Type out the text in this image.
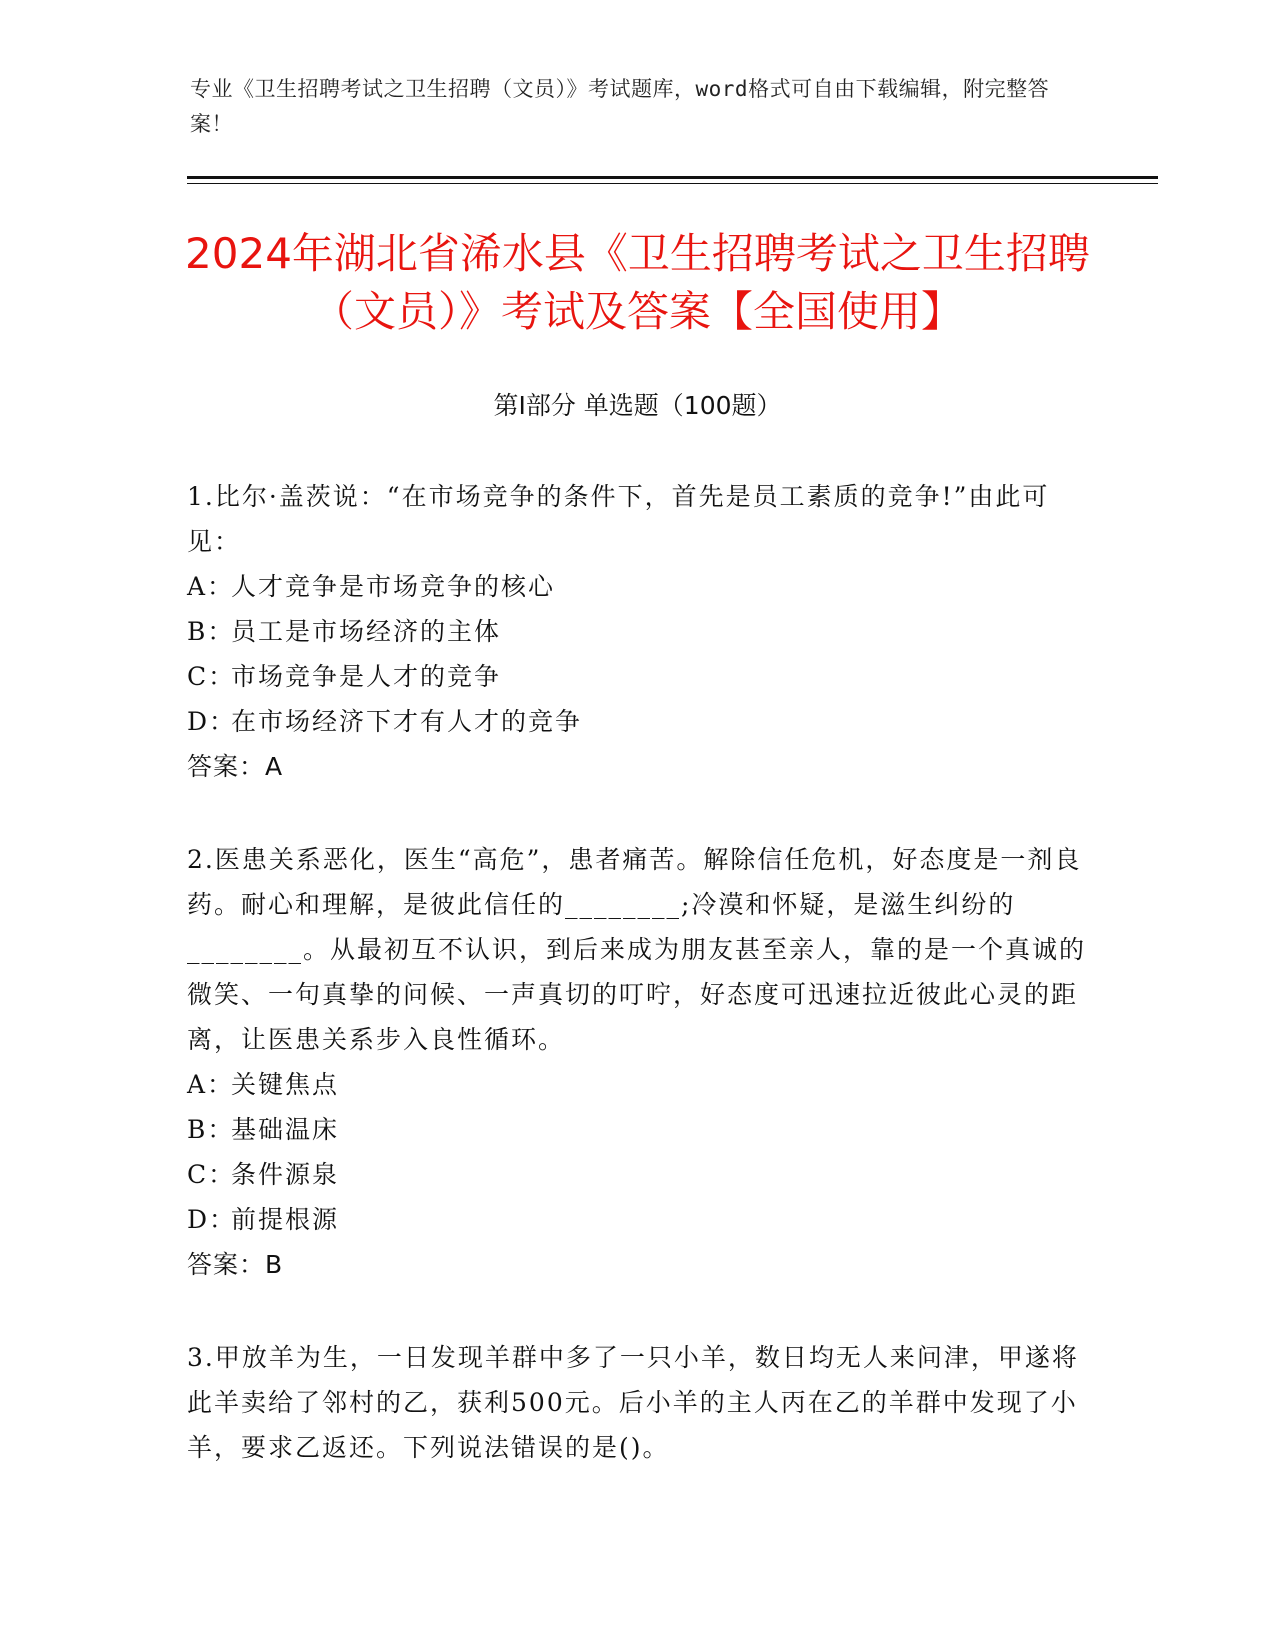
专业《卫生招聘考试之卫生招聘（文员）》考试题库，word格式可自由下载编辑，附完整答案！
2024年湖北省浠水县《卫生招聘考试之卫生招聘（文员）》考试及答案【全国使用】
第Ⅰ部分 单选题（100题）
1.比尔·盖茨说：“在市场竞争的条件下，首先是员工素质的竞争!”由此可见：
A：
人才竞争是市场竞争的核心
B：
员工是市场经济的主体
C：
市场竞争是人才的竞争
D：
在市场经济下才有人才的竞争
答案：A
2.医患关系恶化，医生“高危”，患者痛苦。解除信任危机，好态度是一剂良药。耐心和理解，是彼此信任的________;冷漠和怀疑，是滋生纠纷的________。从最初互不认识，到后来成为朋友甚至亲人，靠的是一个真诚的微笑、一句真挚的问候、一声真切的叮咛，好态度可迅速拉近彼此心灵的距离，让医患关系步入良性循环。
A：
关键焦点
B：
基础温床
C：
条件源泉
D：
前提根源
答案：B
3.甲放羊为生，一日发现羊群中多了一只小羊，数日均无人来问津，甲遂将此羊卖给了邻村的乙，获利500元。后小羊的主人丙在乙的羊群中发现了小羊，要求乙返还。下列说法错误的是()。
